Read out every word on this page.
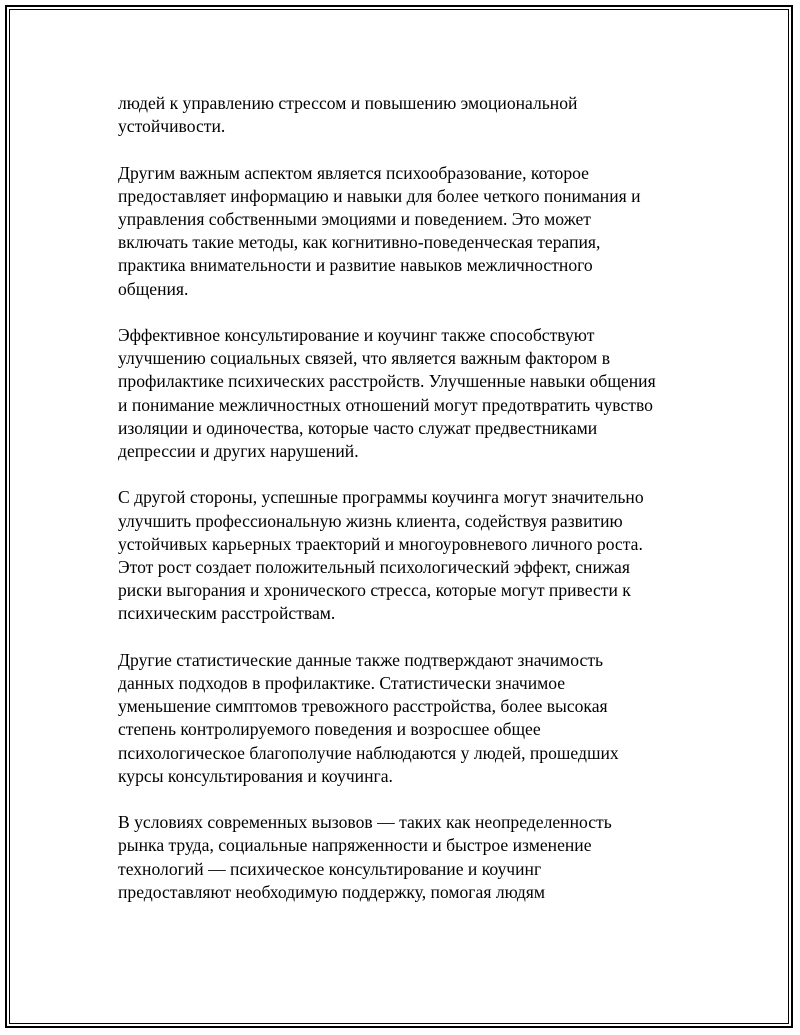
людей к управлению стрессом и повышению эмоциональной
устойчивости.

Другим важным аспектом является психообразование, которое
предоставляет информацию и навыки для более четкого понимания и
управления собственными эмоциями и поведением. Это может
включать такие методы, как когнитивно-поведенческая терапия,
практика внимательности и развитие навыков межличностного
общения.

Эффективное консультирование и коучинг также способствуют
улучшению социальных связей, что является важным фактором в
профилактике психических расстройств. Улучшенные навыки общения
и понимание межличностных отношений могут предотвратить чувство
изоляции и одиночества, которые часто служат предвестниками
депрессии и других нарушений.

С другой стороны, успешные программы коучинга могут значительно
улучшить профессиональную жизнь клиента, содействуя развитию
устойчивых карьерных траекторий и многоуровневого личного роста.
Этот рост создает положительный психологический эффект, снижая
риски выгорания и хронического стресса, которые могут привести к
психическим расстройствам.

Другие статистические данные также подтверждают значимость
данных подходов в профилактике. Статистически значимое
уменьшение симптомов тревожного расстройства, более высокая
степень контролируемого поведения и возросшее общее
психологическое благополучие наблюдаются у людей, прошедших
курсы консультирования и коучинга.

В условиях современных вызовов — таких как неопределенность
рынка труда, социальные напряженности и быстрое изменение
технологий — психическое консультирование и коучинг
предоставляют необходимую поддержку, помогая людям
